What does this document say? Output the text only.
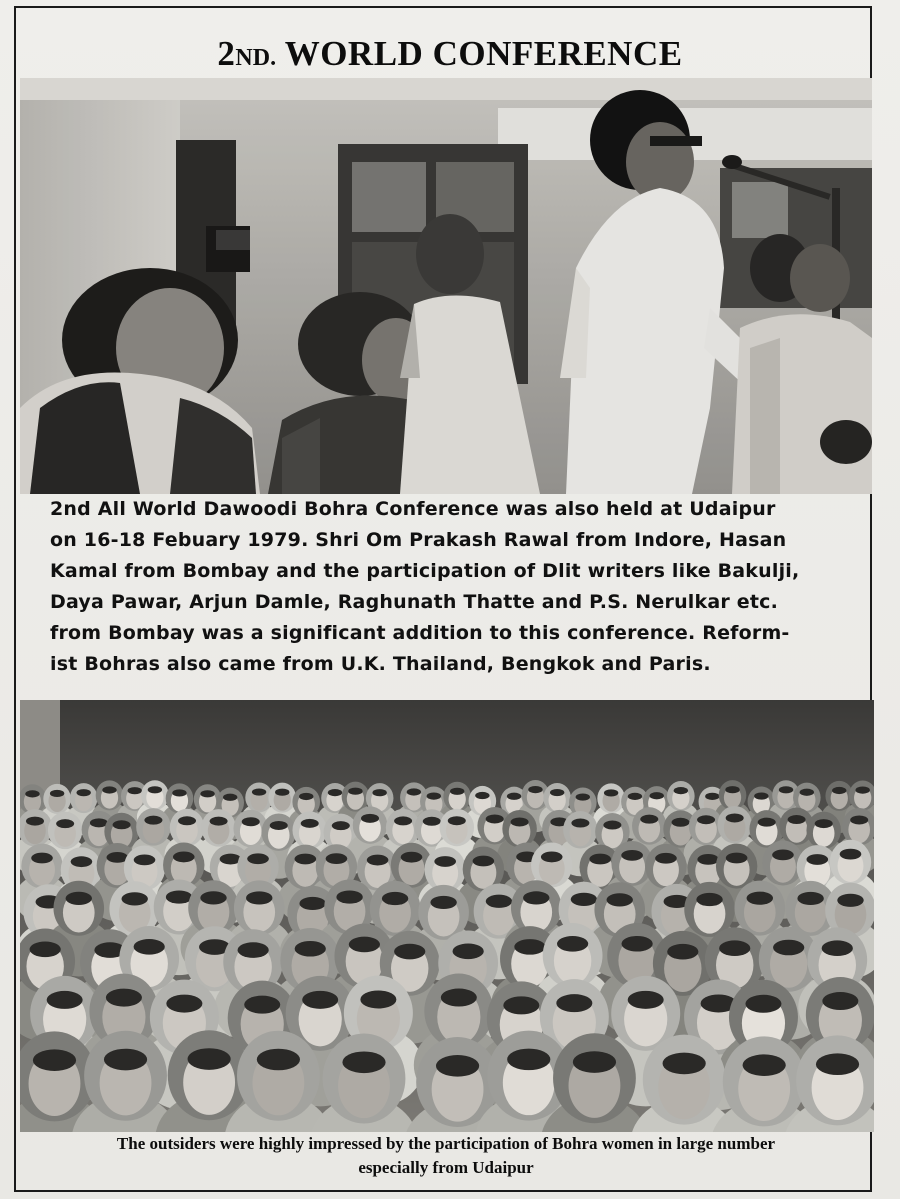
2ND. WORLD CONFERENCE

2nd All World Dawoodi Bohra Conference was also held at Udaipur
on 16-18 Febuary 1979. Shri Om Prakash Rawal from Indore, Hasan
Kamal from Bombay and the participation of Dlit writers like Bakulji,
Daya Pawar, Arjun Damle, Raghunath Thatte and P.S. Nerulkar etc.
from Bombay was a significant addition to this conference. Reform-
ist Bohras also came from U.K. Thailand, Bengkok and Paris.

The outsiders were highly impressed by the participation of Bohra women in large number
especially from Udaipur
